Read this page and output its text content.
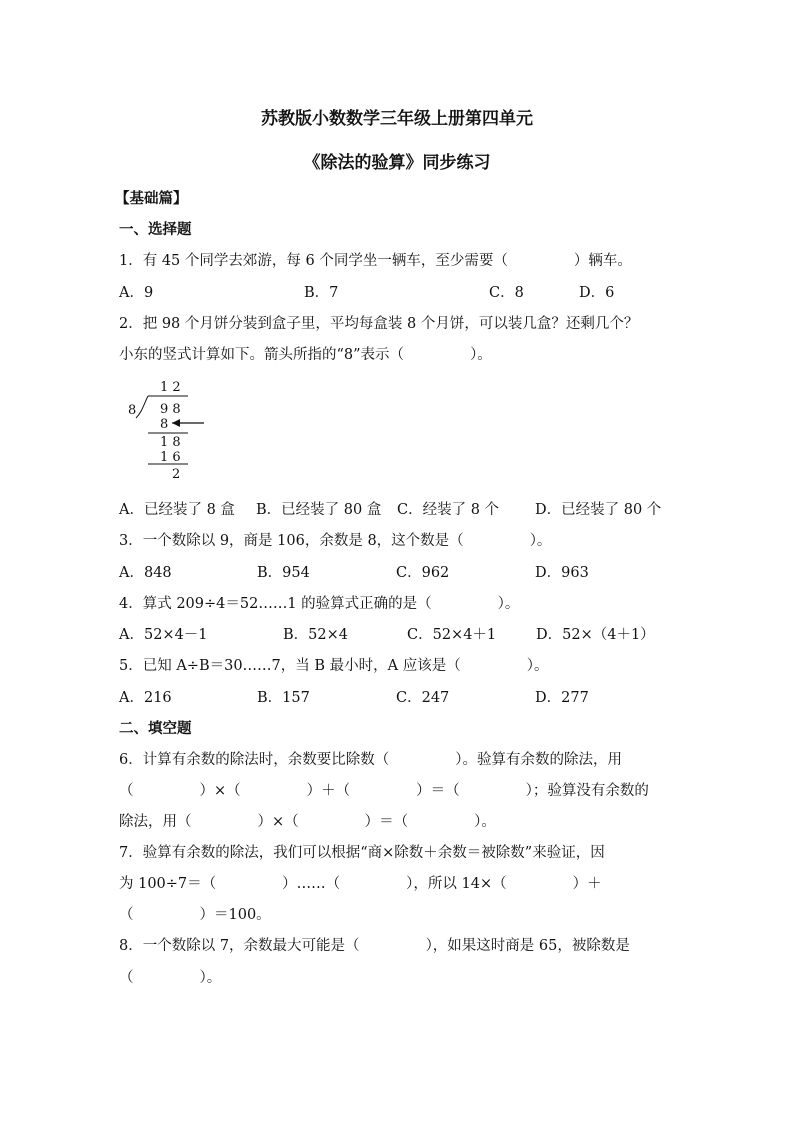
苏教版小数数学三年级上册第四单元
《除法的验算》同步练习
【基础篇】
一、选择题
1．有 45 个同学去郊游，每 6 个同学坐一辆车，至少需要（	）辆车。
A．9	B．7	C．8	D．6
2．把 98 个月饼分装到盒子里，平均每盒装 8 个月饼，可以装几盒？还剩几个？
小东的竖式计算如下。箭头所指的“8”表示（	）。
1 2
8 9 8
8
1 8
1 6
2
A．已经装了 8 盒 B．已经装了 80 盒 C．经装了 8 个 D．已经装了 80 个
3．一个数除以 9，商是 106，余数是 8，这个数是（	）。
A．848	B．954	C．962	D．963
4．算式 209÷4＝52……1 的验算式正确的是（	）。
A．52×4－1	B．52×4	C．52×4＋1	D．52×（4＋1）
5．已知 A÷B＝30……7，当 B 最小时，A 应该是（	）。
A．216	B．157	C．247	D．277
二、填空题
6．计算有余数的除法时，余数要比除数（	）。验算有余数的除法，用
（	）×（	）＋（	）＝（	）；验算没有余数的
除法，用（	）×（	）＝（	）。
7．验算有余数的除法，我们可以根据“商×除数＋余数＝被除数”来验证，因
为 100÷7＝（	）……（	），所以 14×（	）＋
（	）＝100。
8．一个数除以 7，余数最大可能是（	），如果这时商是 65，被除数是
（	）。
